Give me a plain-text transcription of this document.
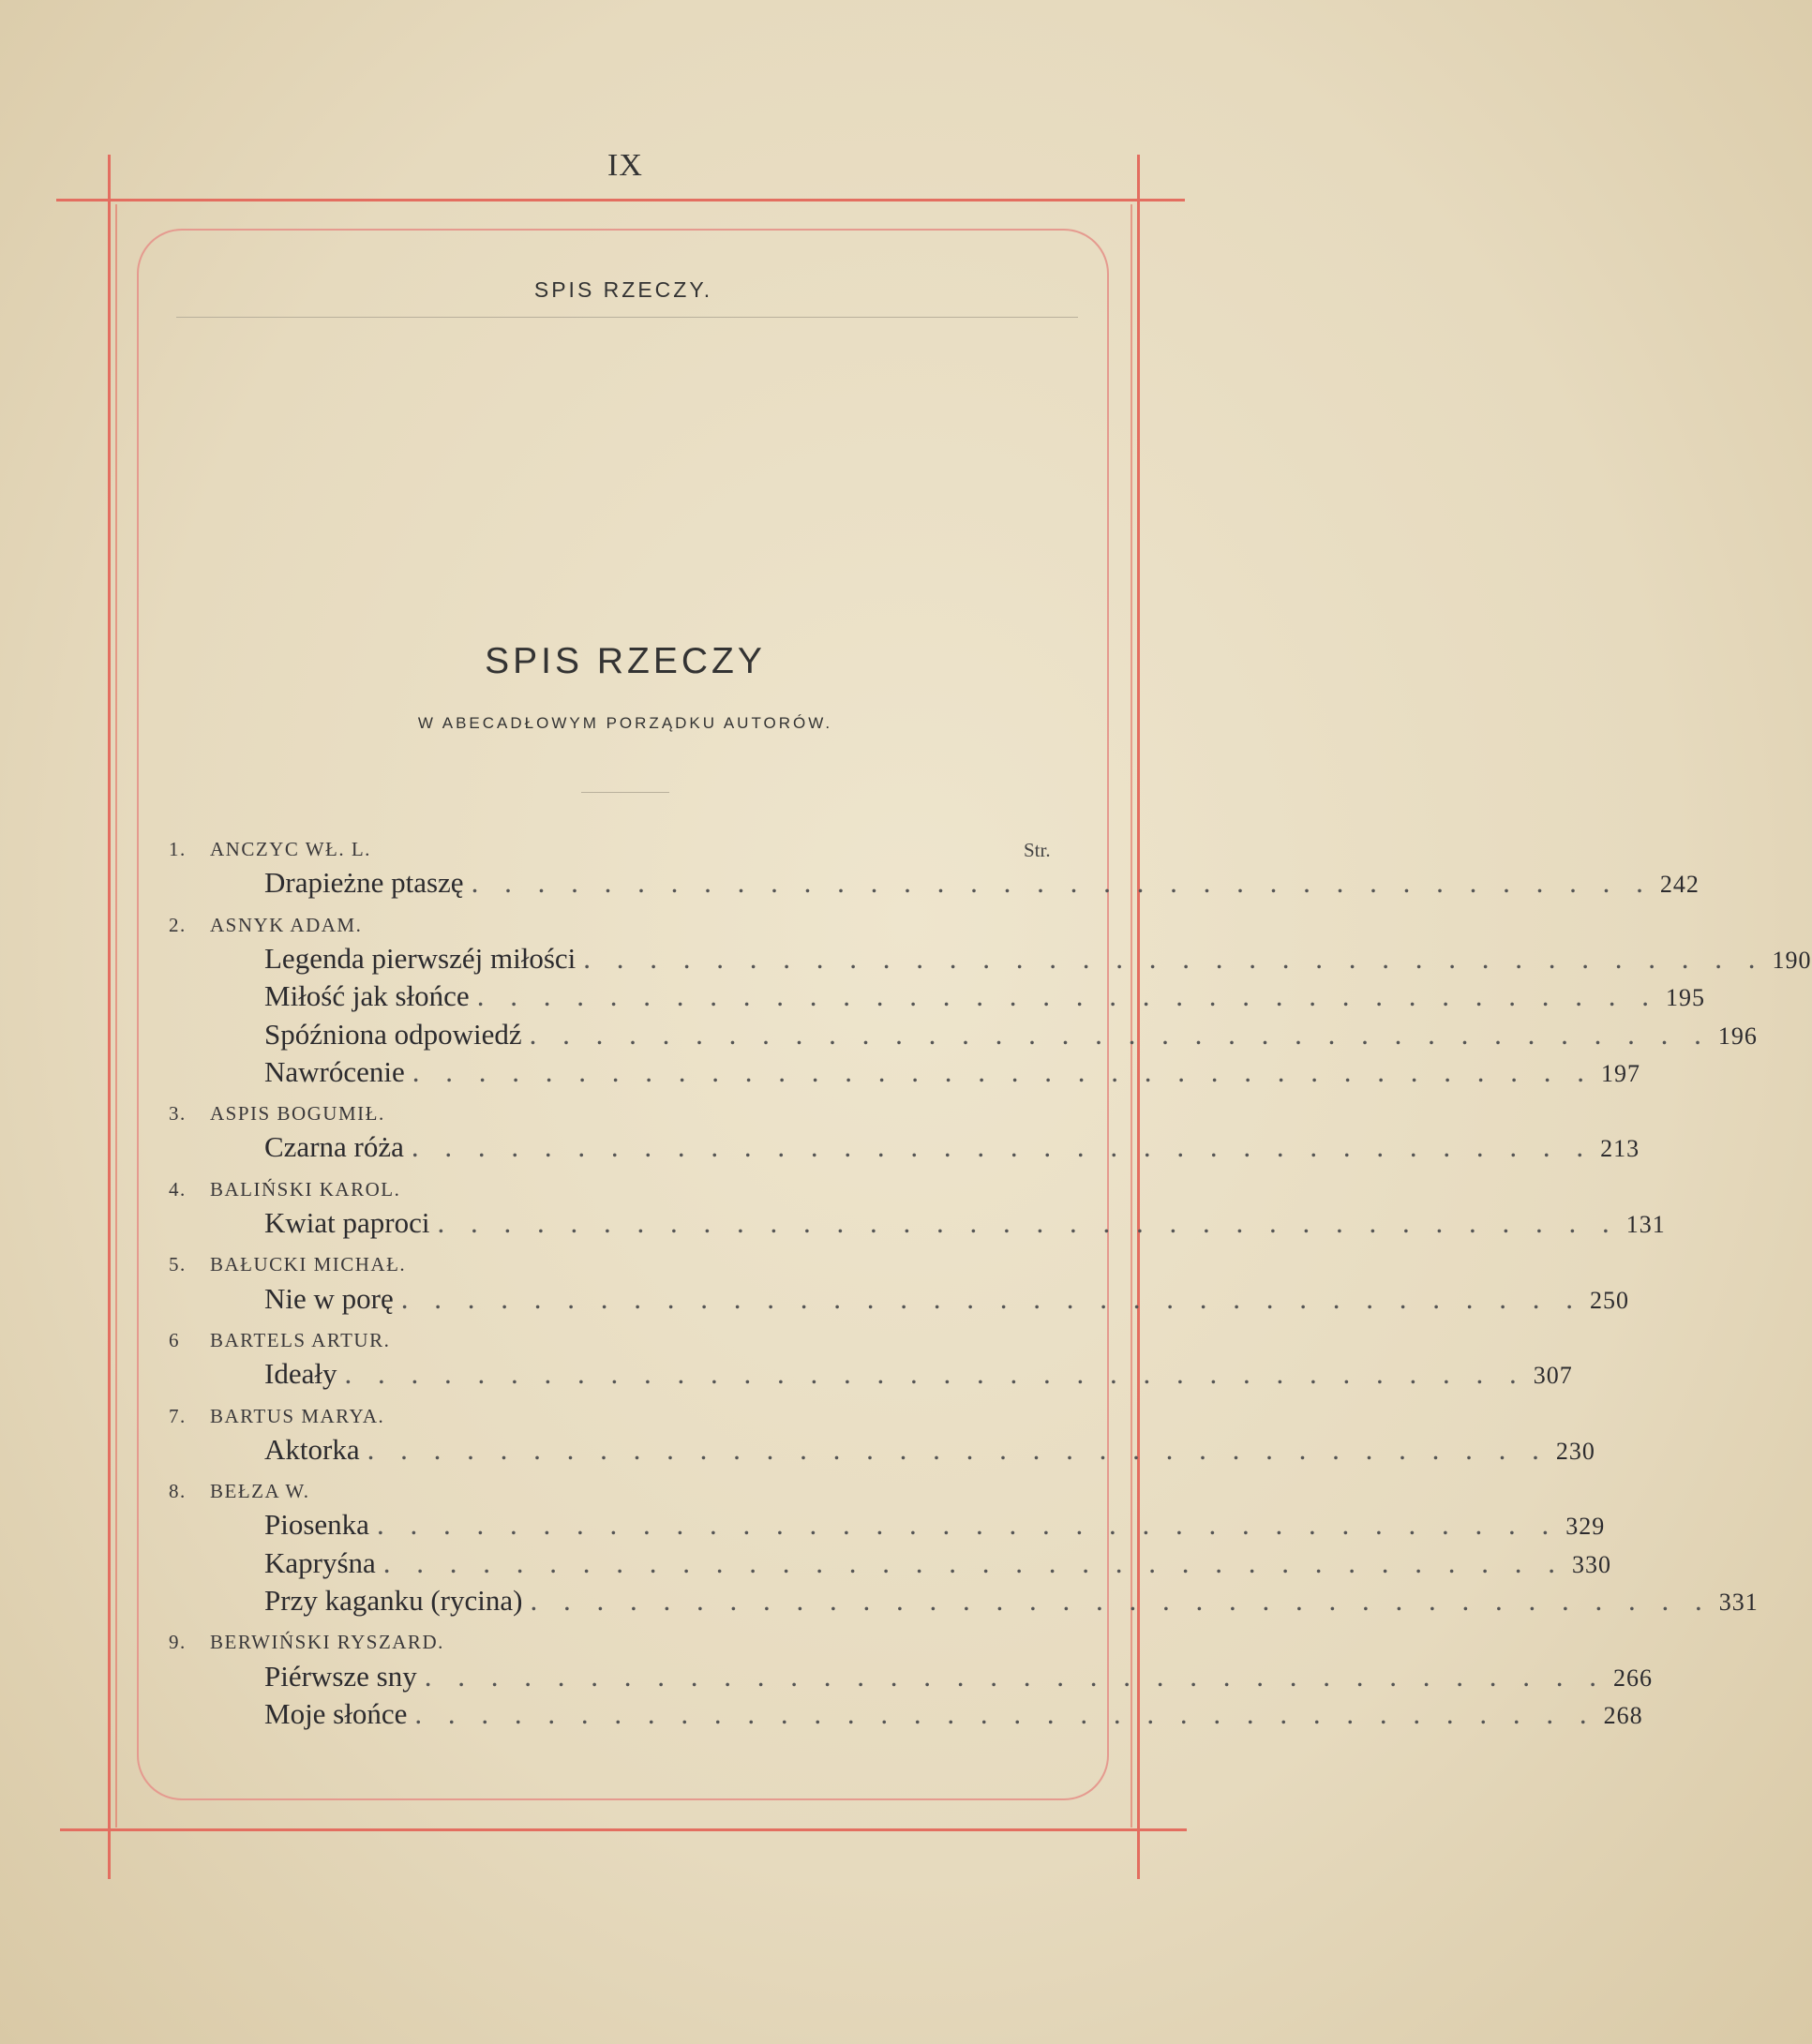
IX
SPIS RZECZY.
SPIS RZECZY
W ABECADŁOWYM PORZĄDKU AUTORÓW.
Str.
1. ANCZYC WŁ. L.
Drapieżne ptaszę . . . . . . . . . . . . . . . . . . . . . . . . . . . . . . . . . . . . 242
2. ASNYK ADAM.
Legenda pierwszéj miłości . . . . . . . . . . . . . . . . . . . . . . . . . . . . . . . . . . . . 190
Miłość jak słońce . . . . . . . . . . . . . . . . . . . . . . . . . . . . . . . . . . . . 195
Spóźniona odpowiedź . . . . . . . . . . . . . . . . . . . . . . . . . . . . . . . . . . . . 196
Nawrócenie . . . . . . . . . . . . . . . . . . . . . . . . . . . . . . . . . . . . 197
3. ASPIS BOGUMIŁ.
Czarna róża . . . . . . . . . . . . . . . . . . . . . . . . . . . . . . . . . . . . 213
4. BALIŃSKI KAROL.
Kwiat paproci . . . . . . . . . . . . . . . . . . . . . . . . . . . . . . . . . . . . 131
5. BAŁUCKI MICHAŁ.
Nie w porę . . . . . . . . . . . . . . . . . . . . . . . . . . . . . . . . . . . . 250
6 BARTELS ARTUR.
Ideały . . . . . . . . . . . . . . . . . . . . . . . . . . . . . . . . . . . . 307
7. BARTUS MARYA.
Aktorka . . . . . . . . . . . . . . . . . . . . . . . . . . . . . . . . . . . . 230
8. BEŁZA W.
Piosenka . . . . . . . . . . . . . . . . . . . . . . . . . . . . . . . . . . . . 329
Kapryśna . . . . . . . . . . . . . . . . . . . . . . . . . . . . . . . . . . . . 330
Przy kaganku (rycina) . . . . . . . . . . . . . . . . . . . . . . . . . . . . . . . . . . . . 331
9. BERWIŃSKI RYSZARD.
Piérwsze sny . . . . . . . . . . . . . . . . . . . . . . . . . . . . . . . . . . . . 266
Moje słońce . . . . . . . . . . . . . . . . . . . . . . . . . . . . . . . . . . . . 268
